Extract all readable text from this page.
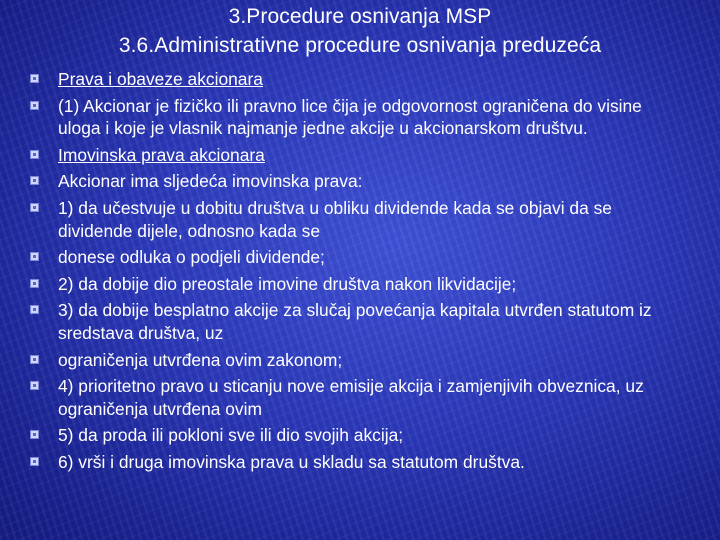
3.Procedure osnivanja MSP
3.6.Administrativne procedure osnivanja preduzeća
Prava i obaveze akcionara
(1) Akcionar je fizičko ili pravno lice čija je odgovornost ograničena do visine uloga i koje je vlasnik najmanje jedne akcije u akcionarskom društvu.
Imovinska prava akcionara
Akcionar ima sljedeća imovinska prava:
1) da učestvuje u dobitu društva u obliku dividende kada se objavi da se dividende dijele, odnosno kada se
donese odluka o podjeli dividende;
2) da dobije dio preostale imovine društva nakon likvidacije;
3) da dobije besplatno akcije za slučaj povećanja kapitala utvrđen statutom iz sredstava društva, uz
ograničenja utvrđena ovim zakonom;
4) prioritetno pravo u sticanju nove emisije akcija i zamjenjivih obveznica, uz ograničenja utvrđena ovim
5) da proda ili pokloni sve ili dio svojih akcija;
6) vrši i druga imovinska prava u skladu sa statutom društva.
